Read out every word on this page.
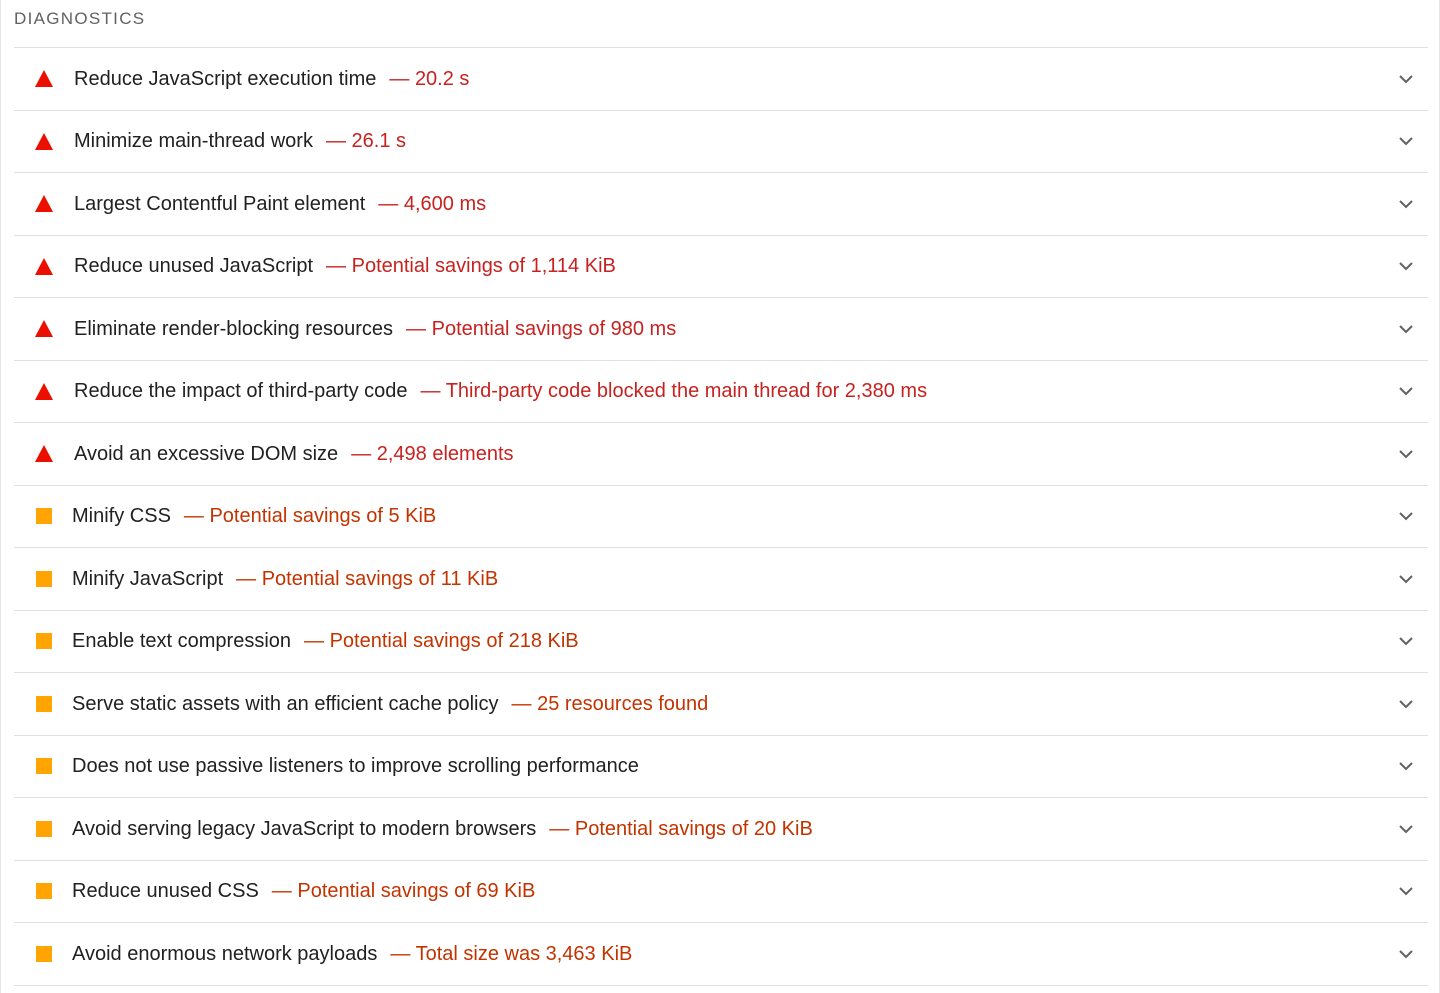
DIAGNOSTICS
Reduce JavaScript execution time — 20.2 s
Minimize main-thread work — 26.1 s
Largest Contentful Paint element — 4,600 ms
Reduce unused JavaScript — Potential savings of 1,114 KiB
Eliminate render-blocking resources — Potential savings of 980 ms
Reduce the impact of third-party code — Third-party code blocked the main thread for 2,380 ms
Avoid an excessive DOM size — 2,498 elements
Minify CSS — Potential savings of 5 KiB
Minify JavaScript — Potential savings of 11 KiB
Enable text compression — Potential savings of 218 KiB
Serve static assets with an efficient cache policy — 25 resources found
Does not use passive listeners to improve scrolling performance
Avoid serving legacy JavaScript to modern browsers — Potential savings of 20 KiB
Reduce unused CSS — Potential savings of 69 KiB
Avoid enormous network payloads — Total size was 3,463 KiB
